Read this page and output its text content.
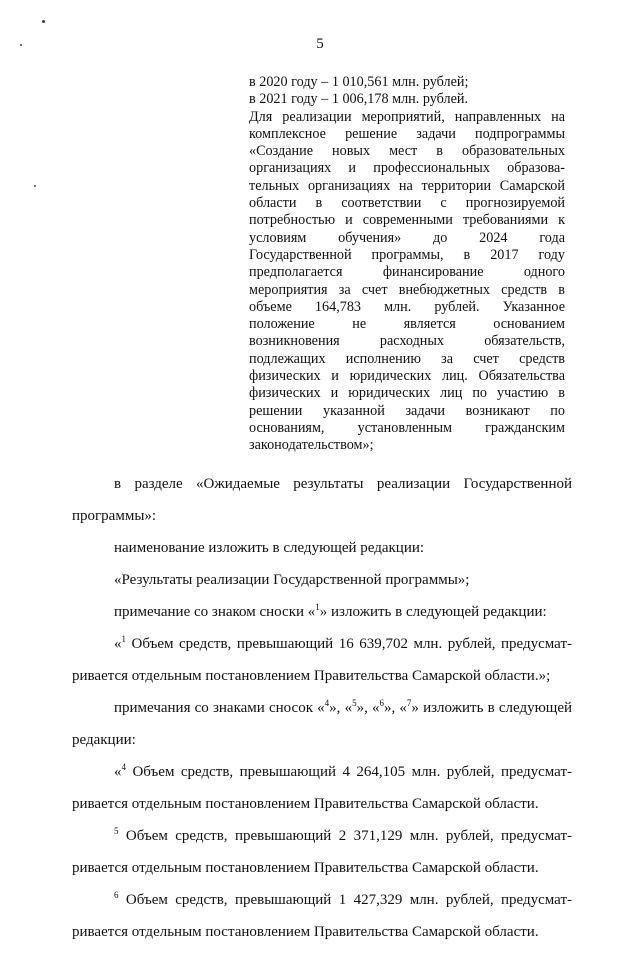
5
в 2020 году – 1 010,561 млн. рублей;
в 2021 году – 1 006,178 млн. рублей.
Для реализации мероприятий, направленных на
комплексное решение задачи подпрограммы
«Создание новых мест в образовательных
организациях и профессиональных образова-
тельных организациях на территории Самарской
области в соответствии с прогнозируемой
потребностью и современными требованиями к
условиям обучения» до 2024 года
Государственной программы, в 2017 году
предполагается финансирование одного
мероприятия за счет внебюджетных средств в
объеме 164,783 млн. рублей. Указанное
положение не является основанием
возникновения расходных обязательств,
подлежащих исполнению за счет средств
физических и юридических лиц. Обязательства
физических и юридических лиц по участию в
решении указанной задачи возникают по
основаниям, установленным гражданским
законодательством»;
в разделе «Ожидаемые результаты реализации Государственной
программы»:
наименование изложить в следующей редакции:
«Результаты реализации Государственной программы»;
примечание со знаком сноски «$^1$» изложить в следующей редакции:
«$^1$ Объем средств, превышающий 16 639,702 млн. рублей, предусмат-
ривается отдельным постановлением Правительства Самарской области.»;
примечания со знаками сносок «$^4$», «$^5$», «$^6$», «$^7$» изложить в следующей
редакции:
«$^4$ Объем средств, превышающий 4 264,105 млн. рублей, предусмат-
ривается отдельным постановлением Правительства Самарской области.
$^5$ Объем средств, превышающий 2 371,129 млн. рублей, предусмат-
ривается отдельным постановлением Правительства Самарской области.
$^6$ Объем средств, превышающий 1 427,329 млн. рублей, предусмат-
ривается отдельным постановлением Правительства Самарской области.
